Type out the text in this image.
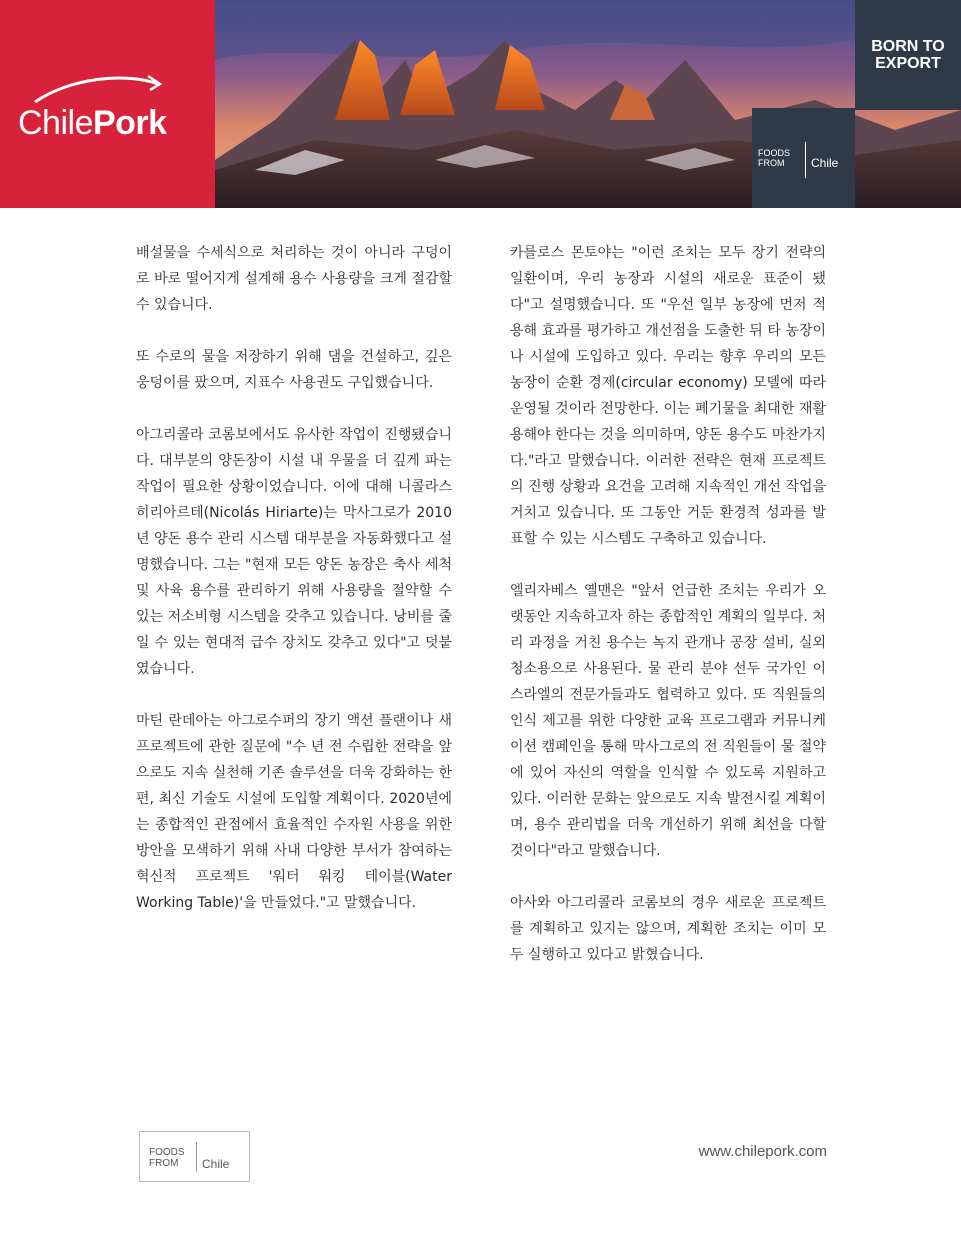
ChilePork
BORN TO
EXPORT
FOODS
FROM	Chile

배설물을 수세식으로 처리하는 것이 아니라 구덩이로 바로 떨어지게 설계해 용수 사용량을 크게 절감할 수 있습니다.

또 수로의 물을 저장하기 위해 댐을 건설하고, 깊은 웅덩이를 팠으며, 지표수 사용권도 구입했습니다.

아그리콜라 코롬보에서도 유사한 작업이 진행됐습니다. 대부분의 양돈장이 시설 내 우물을 더 깊게 파는 작업이 필요한 상황이었습니다. 이에 대해 니콜라스 히리아르테(Nicolás Hiriarte)는 막사그로가 2010년 양돈 용수 관리 시스템 대부분을 자동화했다고 설명했습니다. 그는 "현재 모든 양돈 농장은 축사 세척 및 사육 용수를 관리하기 위해 사용량을 절약할 수 있는 저소비형 시스템을 갖추고 있습니다. 낭비를 줄일 수 있는 현대적 급수 장치도 갖추고 있다"고 덧붙였습니다.

마틴 란데아는 아그로수퍼의 장기 액션 플랜이나 새 프로젝트에 관한 질문에 "수 년 전 수립한 전략을 앞으로도 지속 실천해 기존 솔루션을 더욱 강화하는 한편, 최신 기술도 시설에 도입할 계획이다. 2020년에는 종합적인 관점에서 효율적인 수자원 사용을 위한 방안을 모색하기 위해 사내 다양한 부서가 참여하는 혁신적 프로젝트 '워터 워킹 테이블(Water Working Table)'을 만들었다."고 말했습니다.

카를로스 몬토야는 "이런 조치는 모두 장기 전략의 일환이며, 우리 농장과 시설의 새로운 표준이 됐다"고 설명했습니다. 또 "우선 일부 농장에 먼저 적용해 효과를 평가하고 개선점을 도출한 뒤 타 농장이나 시설에 도입하고 있다. 우리는 향후 우리의 모든 농장이 순환 경제(circular economy) 모델에 따라 운영될 것이라 전망한다. 이는 폐기물을 최대한 재활용해야 한다는 것을 의미하며, 양돈 용수도 마찬가지다."라고 말했습니다. 이러한 전략은 현재 프로젝트의 진행 상황과 요건을 고려해 지속적인 개선 작업을 거치고 있습니다. 또 그동안 거둔 환경적 성과를 발표할 수 있는 시스템도 구축하고 있습니다.

엘리자베스 옐맨은 "앞서 언급한 조치는 우리가 오랫동안 지속하고자 하는 종합적인 계획의 일부다. 처리 과정을 거친 용수는 녹지 관개나 공장 설비, 실외 청소용으로 사용된다. 물 관리 분야 선두 국가인 이스라엘의 전문가들과도 협력하고 있다. 또 직원들의 인식 제고를 위한 다양한 교육 프로그램과 커뮤니케이션 캠페인을 통해 막사그로의 전 직원들이 물 절약에 있어 자신의 역할을 인식할 수 있도록 지원하고 있다. 이러한 문화는 앞으로도 지속 발전시킬 계획이며, 용수 관리법을 더욱 개선하기 위해 최선을 다할 것이다"라고 말했습니다.

아사와 아그리콜라 코롬보의 경우 새로운 프로젝트를 계획하고 있지는 않으며, 계획한 조치는 이미 모두 실행하고 있다고 밝혔습니다.

FOODS
FROM	Chile
www.chilepork.com
